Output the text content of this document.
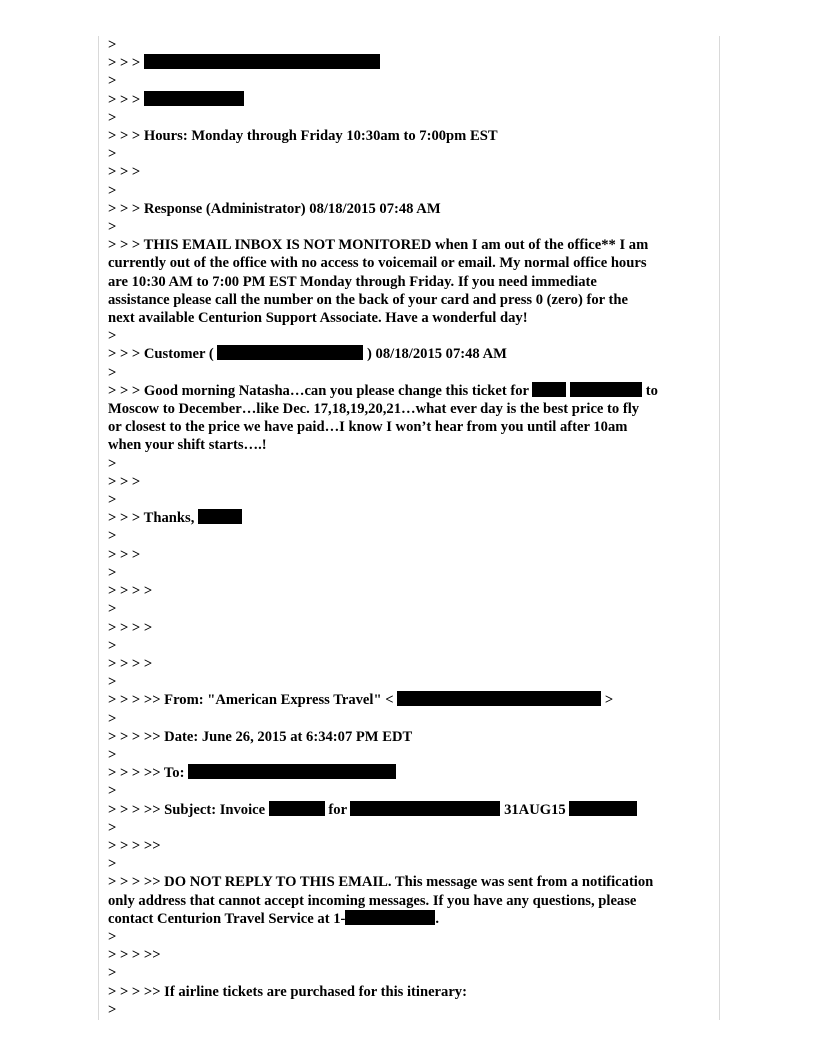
>
> > >
>
> > >
>
> > > Hours: Monday through Friday 10:30am to 7:00pm EST
>
> > >
>
> > > Response (Administrator) 08/18/2015 07:48 AM
>
> > > THIS EMAIL INBOX IS NOT MONITORED when I am out of the office** I am
currently out of the office with no access to voicemail or email. My normal office hours
are 10:30 AM to 7:00 PM EST Monday through Friday. If you need immediate
assistance please call the number on the back of your card and press 0 (zero) for the
next available Centurion Support Associate. Have a wonderful day!
>
> > > Customer (	) 08/18/2015 07:48 AM
>
> > > Good morning Natasha…can you please change this ticket for	to
Moscow to December…like Dec. 17,18,19,20,21…what ever day is the best price to fly
or closest to the price we have paid…I know I won’t hear from you until after 10am
when your shift starts….!
>
> > >
>
> > > Thanks,
>
> > >
>
> > > >
>
> > > >
>
> > > >
>
> > > >> From: "American Express Travel" <	>
>
> > > >> Date: June 26, 2015 at 6:34:07 PM EDT
>
> > > >> To:
>
> > > >> Subject: Invoice	for	31AUG15
>
> > > >>
>
> > > >> DO NOT REPLY TO THIS EMAIL. This message was sent from a notification
only address that cannot accept incoming messages. If you have any questions, please
contact Centurion Travel Service at 1-	.
>
> > > >>
>
> > > >> If airline tickets are purchased for this itinerary:
>
